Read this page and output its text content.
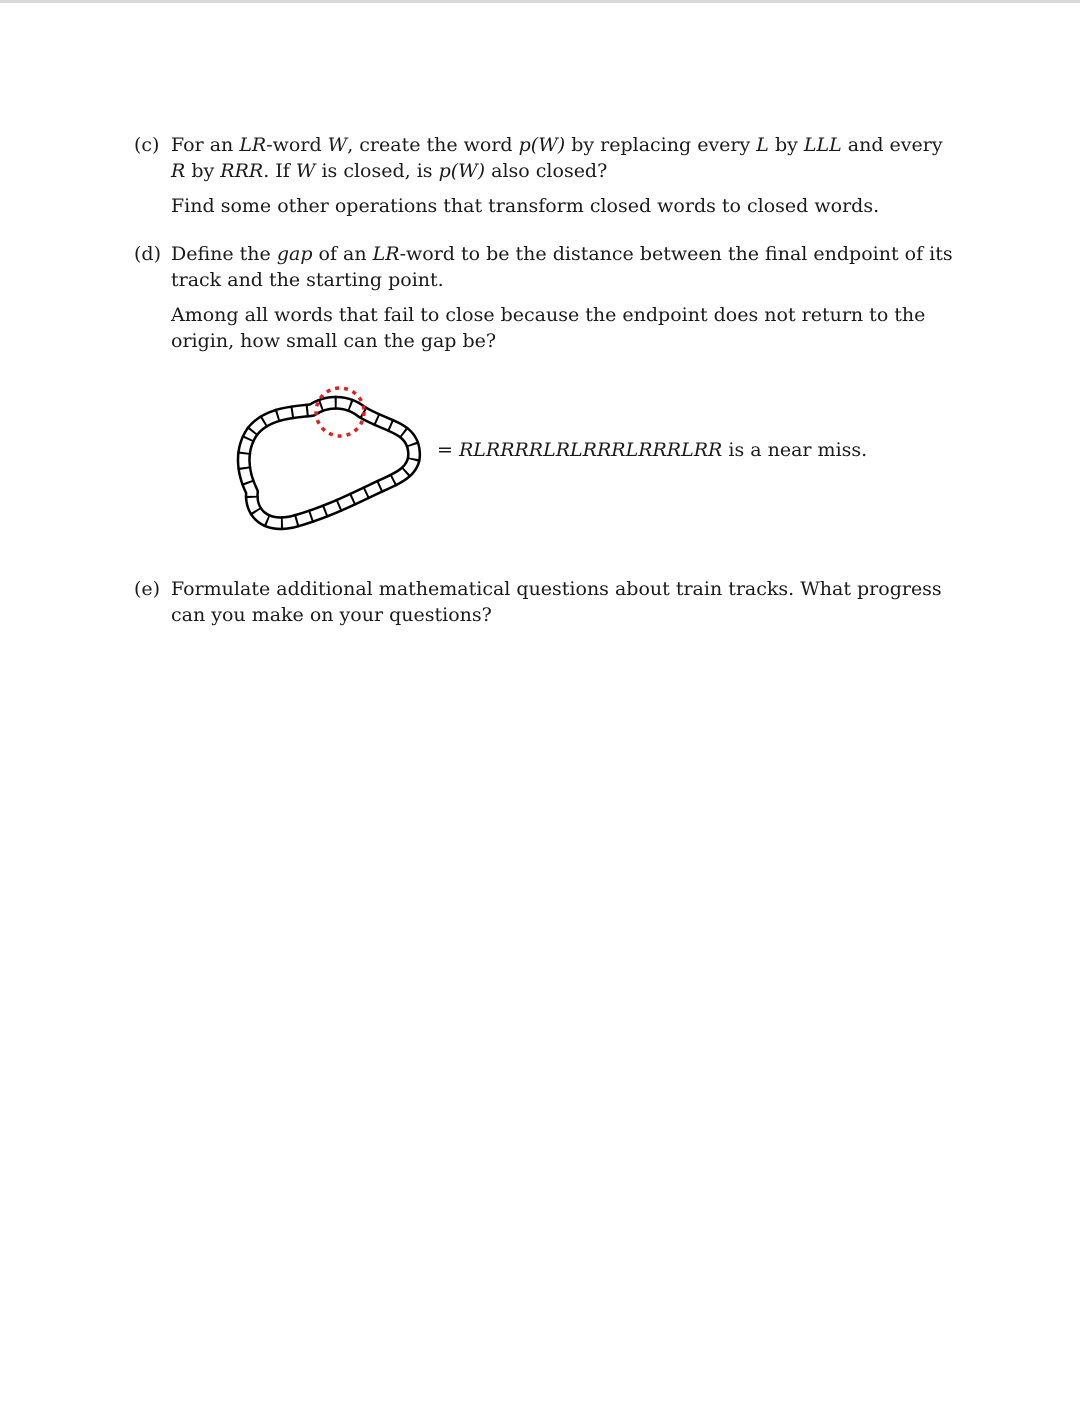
(c) For an LR-word W, create the word p(W) by replacing every L by LLL and every R by RRR. If W is closed, is p(W) also closed?

Find some other operations that transform closed words to closed words.

(d) Define the gap of an LR-word to be the distance between the final endpoint of its track and the starting point.

Among all words that fail to close because the endpoint does not return to the origin, how small can the gap be?

= RLRRRRLRLRRRLRRRLRR is a near miss.
(e) Formulate additional mathematical questions about train tracks. What progress can you make on your questions?
